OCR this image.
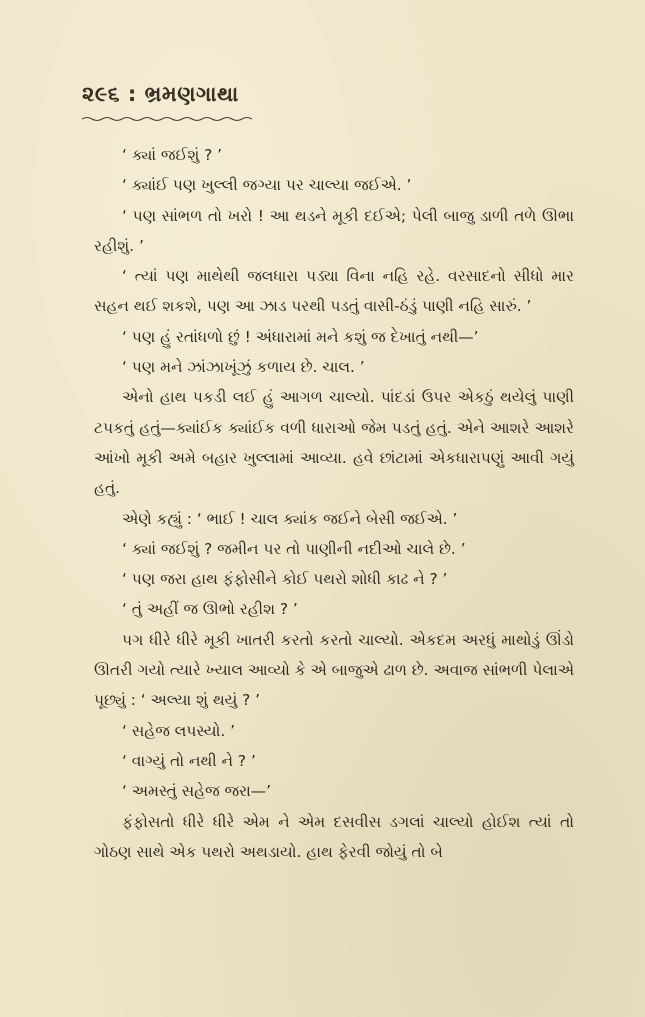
૨૯૬ : ભ્રમણગાથા

‘ ક્યાં જઈશું ? ’

‘ ક્યાંઈ પણ ખુલ્લી જગ્યા પર ચાલ્યા જઈએ. ’

‘ પણ સાંભળ તો ખરો ! આ થડને મૂકી દઈએ; પેલી બાજુ ડાળી તળે ઊભા રહીશું. ’

‘ ત્યાં પણ માથેથી જલધારા પડ્યા વિના નહિ રહે. વરસાદનો સીધો માર સહન થઈ શકશે, પણ આ ઝાડ પરથી પડતું વાસી-ઠંડું પાણી નહિ સારું. ’

‘ પણ હું રતાંધળો છું ! અંધારામાં મને કશું જ દેખાતું નથી—’

‘ પણ મને ઝાંઝાખૂંઝું કળાય છે. ચાલ. ’

એનો હાથ પકડી લઈ હું આગળ ચાલ્યો. પાંદડાં ઉપર એકઠું થયેલું પાણી ટપકતું હતું—ક્યાંઈક ક્યાંઈક વળી ધારાઓ જેમ પડતું હતું. એને આશરે આશરે આંખો મૂકી અમે બહાર ખુલ્લામાં આવ્યા. હવે છાંટામાં એકધારાપણું આવી ગયું હતું.

એણે કહ્યું : ‘ ભાઈ ! ચાલ ક્યાંક જઈને બેસી જઈએ. ’

‘ ક્યાં જઈશું ? જમીન પર તો પાણીની નદીઓ ચાલે છે. ’

‘ પણ જરા હાથ ફંફોસીને કોઈ પથરો શોધી કાઢ ને ? ’

‘ તું અહીં જ ઊભો રહીશ ? ’

પગ ધીરે ધીરે મૂકી ખાતરી કરતો કરતો ચાલ્યો. એકદમ અરધું માથોડું ઊંડો ઊતરી ગયો ત્યારે ખ્યાલ આવ્યો કે એ બાજુએ ઢાળ છે. અવાજ સાંભળી પેલાએ પૂછ્યું : ‘ અલ્યા શું થયું ? ’

‘ સહેજ લપસ્યો. ’

‘ વાગ્યું તો નથી ને ? ’

‘ અમસ્તું સહેજ જરા—’

ફંફોસતો ધીરે ધીરે એમ ને એમ દસવીસ ડગલાં ચાલ્યો હોઈશ ત્યાં તો ગોઠણ સાથે એક પથરો અથડાયો. હાથ ફેરવી જોયું તો બે
